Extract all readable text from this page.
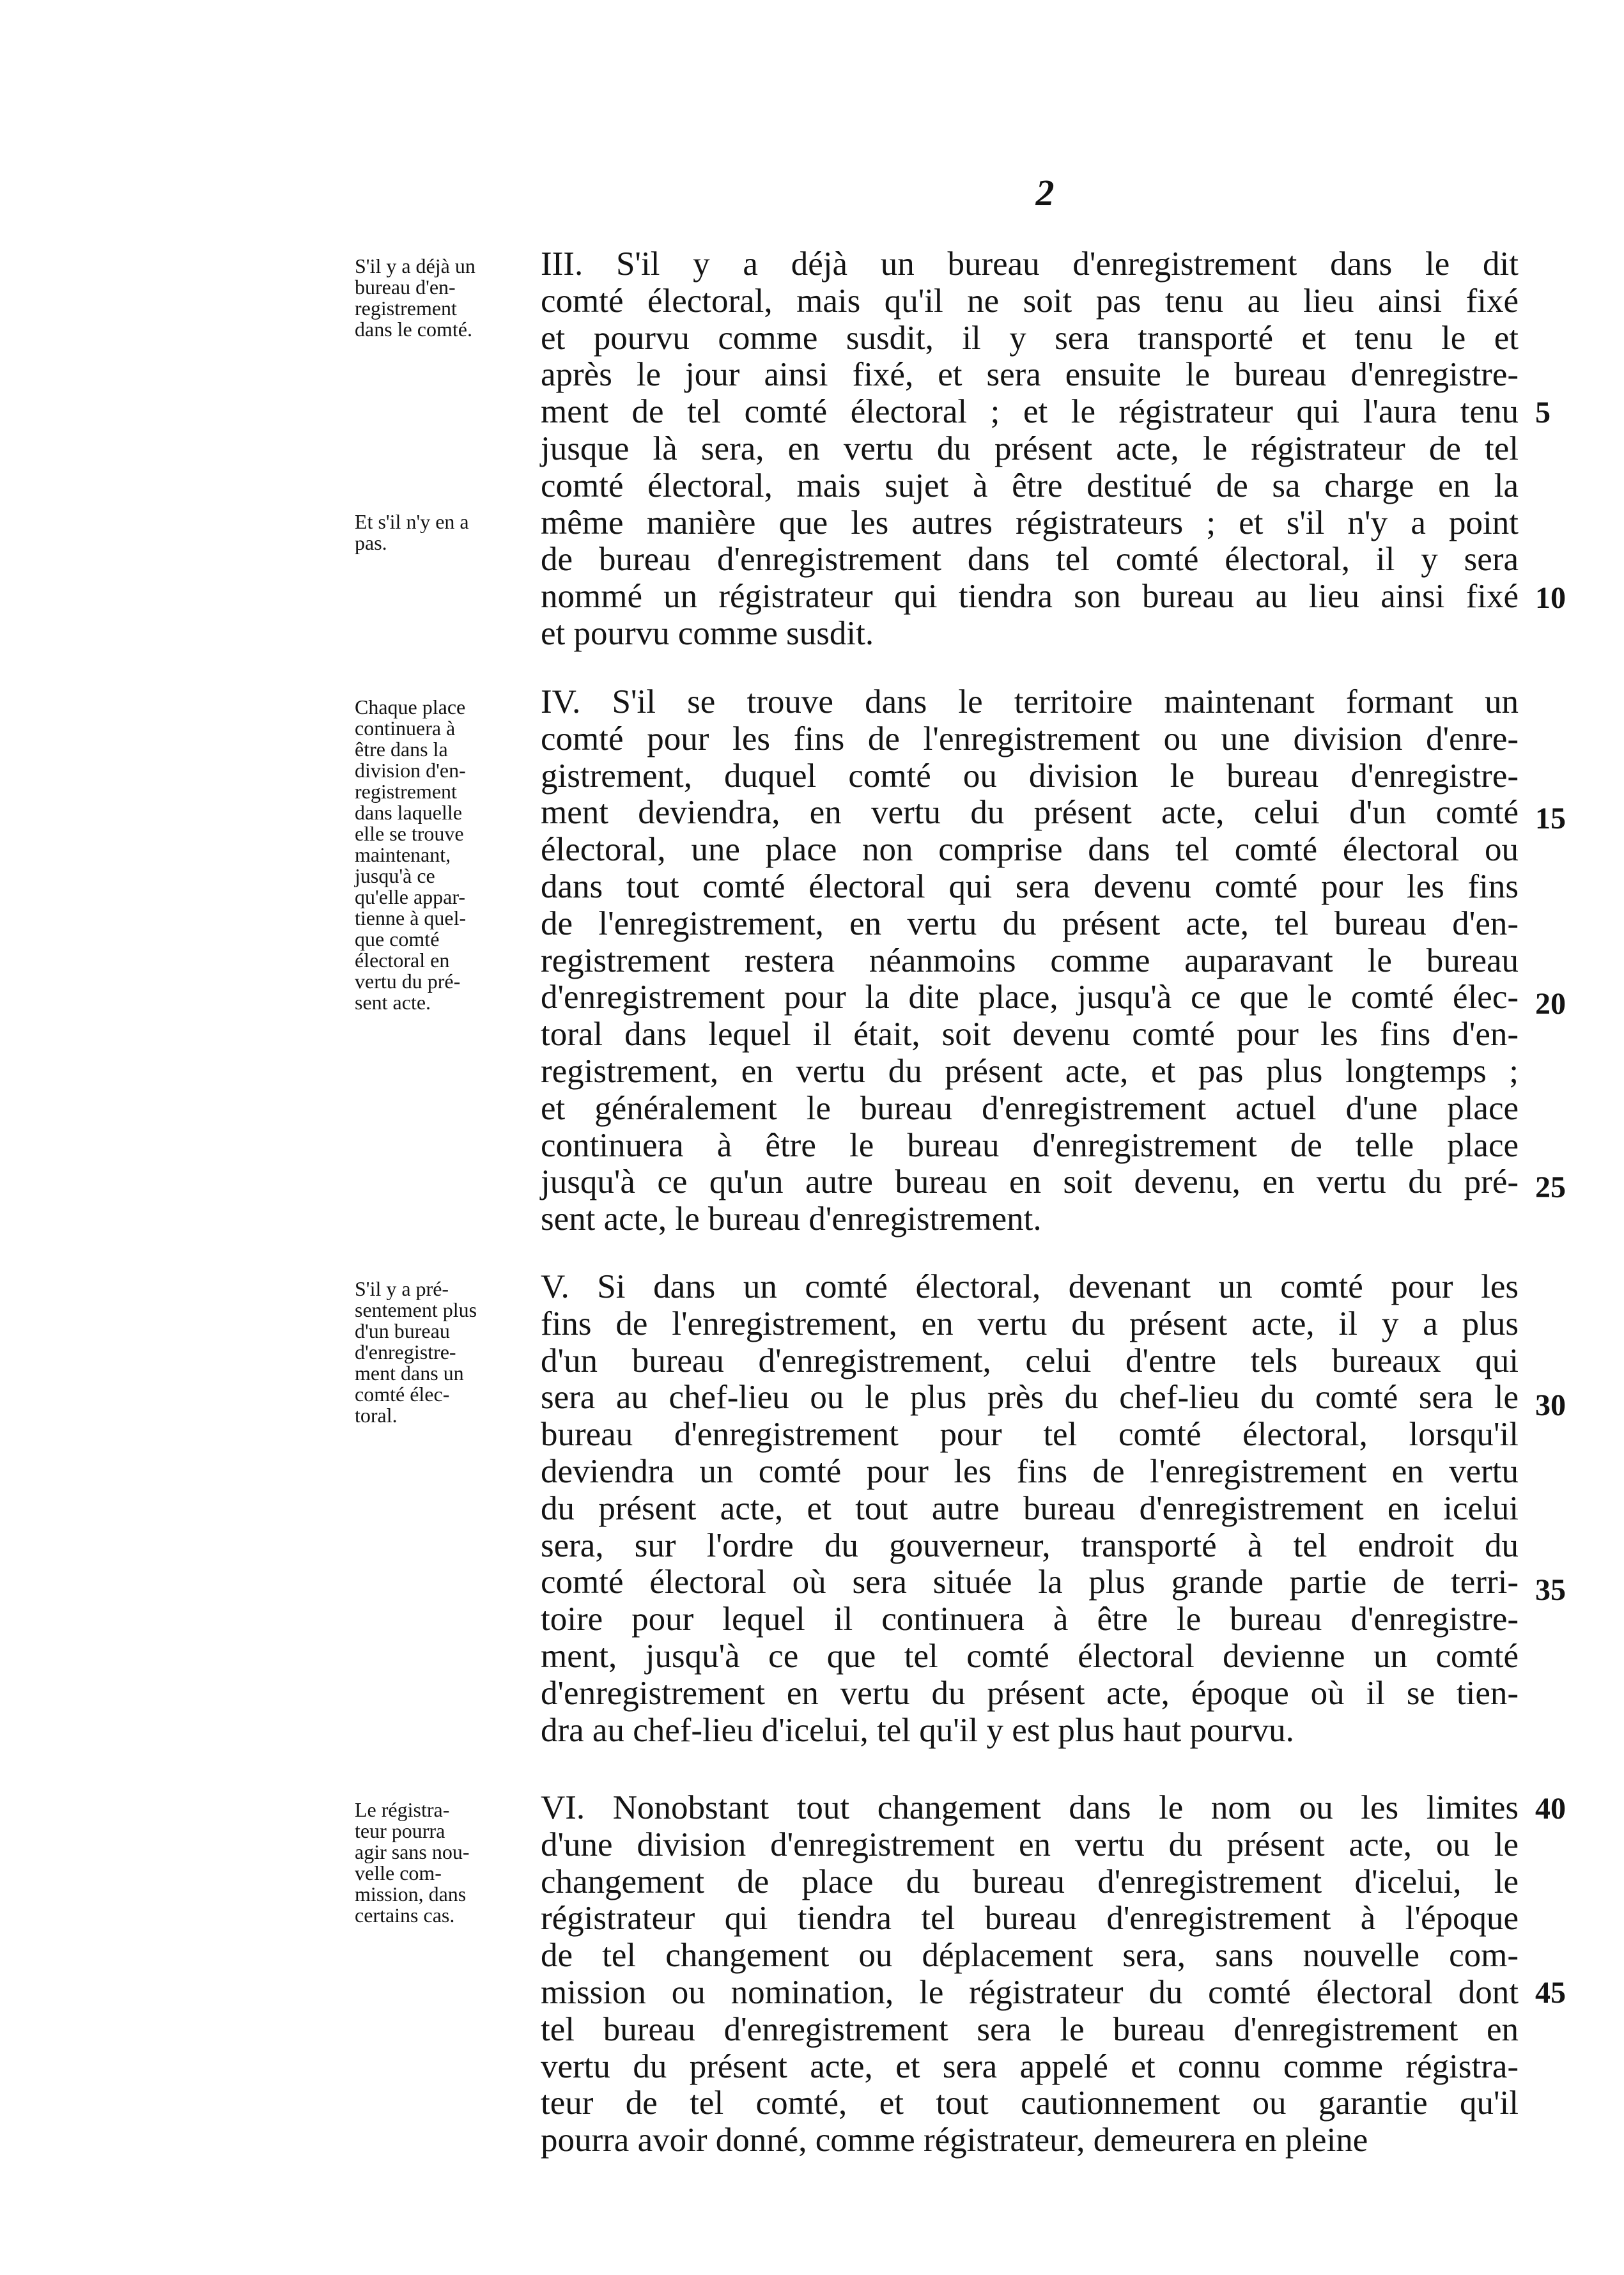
2
S'il y a déjà un
bureau d'en-
registrement
dans le comté.
Et s'il n'y en a
pas.
III. S'il y a déjà un bureau d'enregistrement dans le dit
comté électoral, mais qu'il ne soit pas tenu au lieu ainsi fixé
et pourvu comme susdit, il y sera transporté et tenu le et
après le jour ainsi fixé, et sera ensuite le bureau d'enregistre-
ment de tel comté électoral ; et le régistrateur qui l'aura tenu
jusque là sera, en vertu du présent acte, le régistrateur de tel
comté électoral, mais sujet à être destitué de sa charge en la
même manière que les autres régistrateurs ; et s'il n'y a point
de bureau d'enregistrement dans tel comté électoral, il y sera
nommé un régistrateur qui tiendra son bureau au lieu ainsi fixé
et pourvu comme susdit.
Chaque place
continuera à
être dans la
division d'en-
registrement
dans laquelle
elle se trouve
maintenant,
jusqu'à ce
qu'elle appar-
tienne à quel-
que comté
électoral en
vertu du pré-
sent acte.
IV. S'il se trouve dans le territoire maintenant formant un
comté pour les fins de l'enregistrement ou une division d'enre-
gistrement, duquel comté ou division le bureau d'enregistre-
ment deviendra, en vertu du présent acte, celui d'un comté
électoral, une place non comprise dans tel comté électoral ou
dans tout comté électoral qui sera devenu comté pour les fins
de l'enregistrement, en vertu du présent acte, tel bureau d'en-
registrement restera néanmoins comme auparavant le bureau
d'enregistrement pour la dite place, jusqu'à ce que le comté élec-
toral dans lequel il était, soit devenu comté pour les fins d'en-
registrement, en vertu du présent acte, et pas plus longtemps ;
et généralement le bureau d'enregistrement actuel d'une place
continuera à être le bureau d'enregistrement de telle place
jusqu'à ce qu'un autre bureau en soit devenu, en vertu du pré-
sent acte, le bureau d'enregistrement.
S'il y a pré-
sentement plus
d'un bureau
d'enregistre-
ment dans un
comté élec-
toral.
V. Si dans un comté électoral, devenant un comté pour les
fins de l'enregistrement, en vertu du présent acte, il y a plus
d'un bureau d'enregistrement, celui d'entre tels bureaux qui
sera au chef-lieu ou le plus près du chef-lieu du comté sera le
bureau d'enregistrement pour tel comté électoral, lorsqu'il
deviendra un comté pour les fins de l'enregistrement en vertu
du présent acte, et tout autre bureau d'enregistrement en icelui
sera, sur l'ordre du gouverneur, transporté à tel endroit du
comté électoral où sera située la plus grande partie de terri-
toire pour lequel il continuera à être le bureau d'enregistre-
ment, jusqu'à ce que tel comté électoral devienne un comté
d'enregistrement en vertu du présent acte, époque où il se tien-
dra au chef-lieu d'icelui, tel qu'il y est plus haut pourvu.
Le régistra-
teur pourra
agir sans nou-
velle com-
mission, dans
certains cas.
VI. Nonobstant tout changement dans le nom ou les limites
d'une division d'enregistrement en vertu du présent acte, ou le
changement de place du bureau d'enregistrement d'icelui, le
régistrateur qui tiendra tel bureau d'enregistrement à l'époque
de tel changement ou déplacement sera, sans nouvelle com-
mission ou nomination, le régistrateur du comté électoral dont
tel bureau d'enregistrement sera le bureau d'enregistrement en
vertu du présent acte, et sera appelé et connu comme régistra-
teur de tel comté, et tout cautionnement ou garantie qu'il
pourra avoir donné, comme régistrateur, demeurera en pleine
5
10
15
20
25
30
35
40
45
